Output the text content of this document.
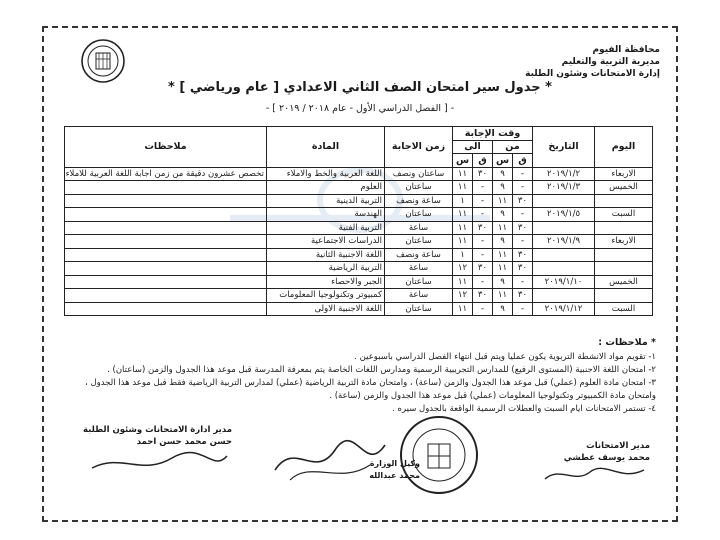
محافظة الفيوم
مديرية التربية والتعليم
إدارة الامتحانات وشئون الطلبة
* جدول سير امتحان الصف الثاني الاعدادي [ عام ورياضي ] *
- [ الفصل الدراسي الأول - عام ٢٠١٨ / ٢٠١٩ ] -
اليوم	التاريخ	وقت الإجابة				زمن الاجابة	المادة	ملاحظات
		من		الى				
		ق	س	ق	س			
الاربعاء	٢٠١٩/١/٢	-	٩	٣٠	١١	ساعتان ونصف	اللغة العربية والخط والاملاء	تخصص عشرون دقيقة من زمن اجابة اللغة العربية للاملاء
الخميس	٢٠١٩/١/٣	-	٩	-	١١	ساعتان	العلوم	
		٣٠	١١	-	١	ساعة ونصف	التربية الدينية	
السبت	٢٠١٩/١/٥	-	٩	-	١١	ساعتان	الهندسة	
		٣٠	١١	٣٠	١١	ساعة	التربية الفنية	
الاربعاء	٢٠١٩/١/٩	-	٩	-	١١	ساعتان	الدراسات الاجتماعية	
		٣٠	١١	-	١	ساعة ونصف	اللغة الاجنبية الثانية	
		٣٠	١١	٣٠	١٢	ساعة	التربية الرياضية	
الخميس	٢٠١٩/١/١٠	-	٩	-	١١	ساعتان	الجبر والاحصاء	
		٣٠	١١	٣٠	١٢	ساعة	كمبيوتر وتكنولوجيا المعلومات	
السبت	٢٠١٩/١/١٢	-	٩	-	١١	ساعتان	اللغة الاجنبية الاولى	
* ملاحظات :
١- تقويم مواد الانشطة التربوية يكون عمليا ويتم قبل انتهاء الفصل الدراسي باسبوعين .
٢- امتحان اللغة الاجنبية (المستوى الرفيع) للمدارس التجريبية الرسمية ومدارس اللغات الخاصة يتم بمعرفة المدرسة قبل موعد هذا الجدول والزمن (ساعتان) .
٣- امتحان مادة العلوم (عملي) قبل موعد هذا الجدول والزمن (ساعة) ، وامتحان مادة التربية الرياضية (عملي) لمدارس التربية الرياضية فقط قبل موعد هذا الجدول ،
وامتحان مادة الكمبيوتر وتكنولوجيا المعلومات (عملي) قبل موعد هذا الجدول والزمن (ساعة) .
٤- تستمر الامتحانات ايام السبت والعطلات الرسمية الواقعة بالجدول سيره .
مدير الامتحانات
محمد يوسف عطشي
وكيل الوزارة
محمد عبدالله
مدير ادارة الامتحانات وشئون الطلبة
حسن محمد حسن احمد
